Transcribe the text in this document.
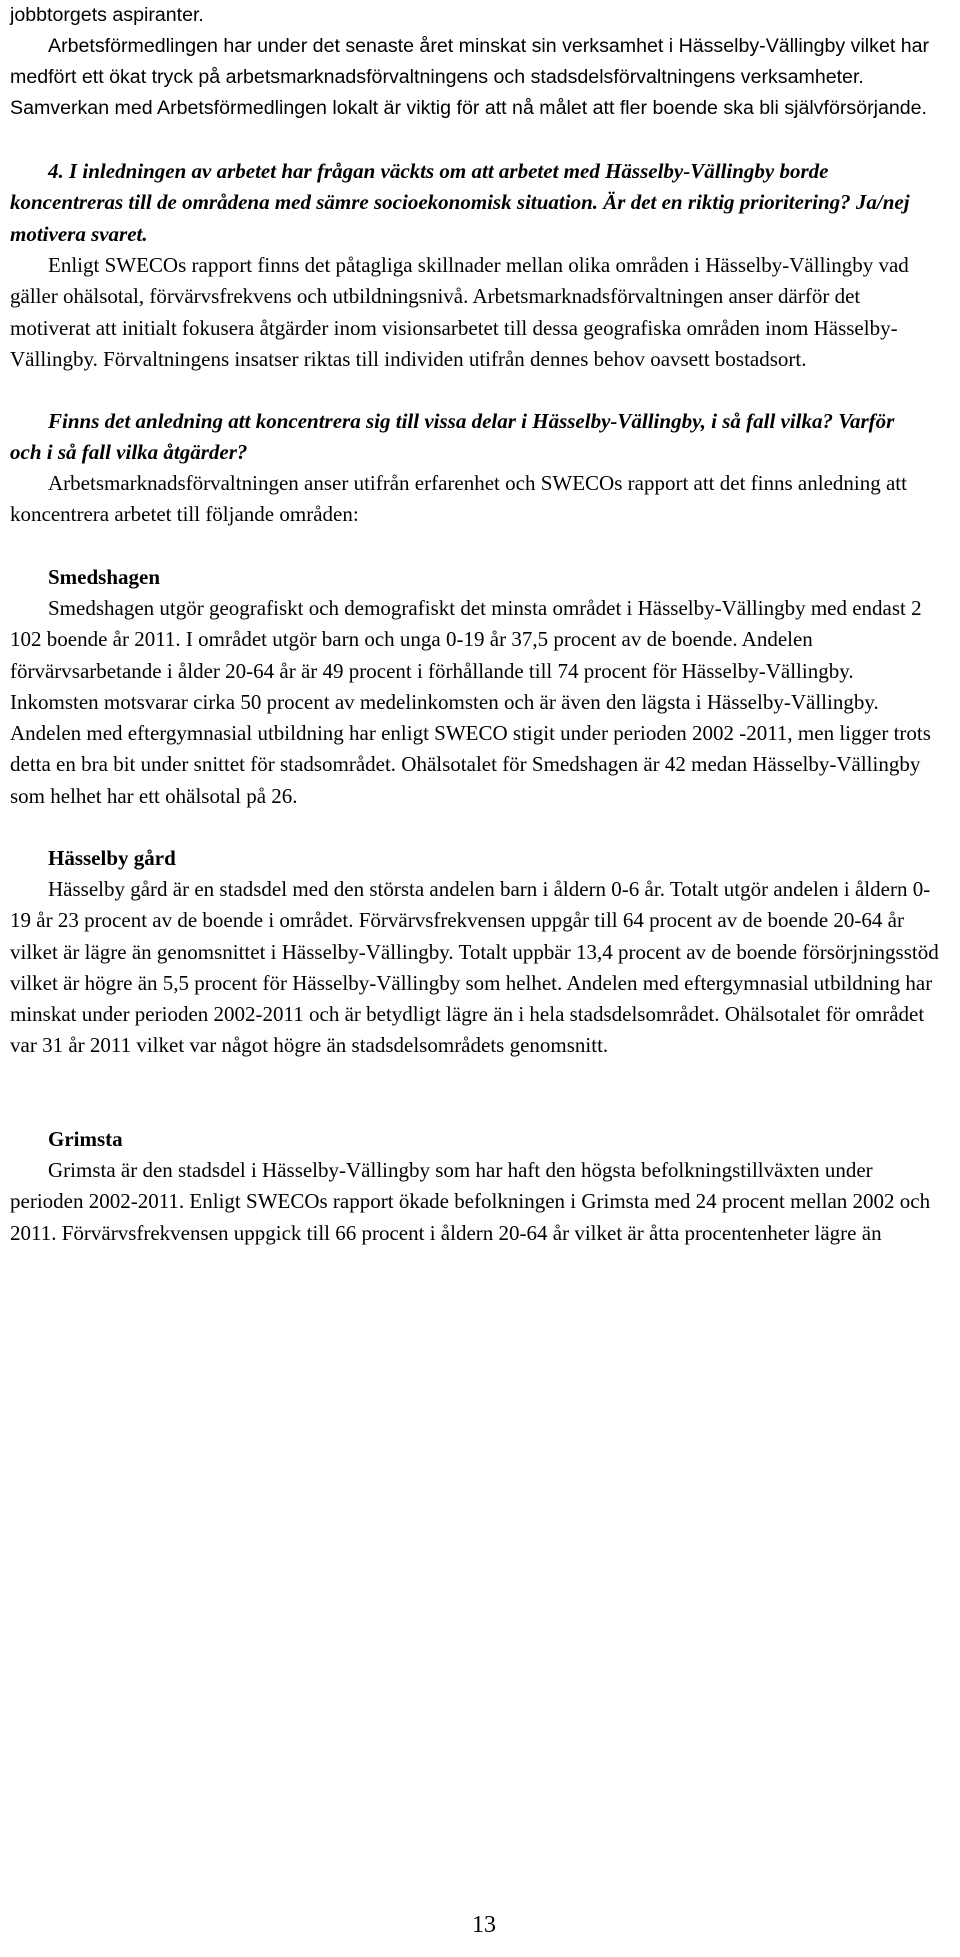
jobbtorgets aspiranter.

Arbetsförmedlingen har under det senaste året minskat sin verksamhet i Hässelby-Vällingby vilket har medfört ett ökat tryck på arbetsmarknadsförvaltningens och stadsdelsförvaltningens verksamheter. Samverkan med Arbetsförmedlingen lokalt är viktig för att nå målet att fler boende ska bli självförsörjande.

4. I inledningen av arbetet har frågan väckts om att arbetet med Hässelby-Vällingby borde koncentreras till de områdena med sämre socioekonomisk situation. Är det en riktig prioritering? Ja/nej motivera svaret.

Enligt SWECOs rapport finns det påtagliga skillnader mellan olika områden i Hässelby-Vällingby vad gäller ohälsotal, förvärvsfrekvens och utbildningsnivå. Arbetsmarknadsförvaltningen anser därför det motiverat att initialt fokusera åtgärder inom visionsarbetet till dessa geografiska områden inom Hässelby-Vällingby. Förvaltningens insatser riktas till individen utifrån dennes behov oavsett bostadsort.

Finns det anledning att koncentrera sig till vissa delar i Hässelby-Vällingby, i så fall vilka? Varför och i så fall vilka åtgärder?

Arbetsmarknadsförvaltningen anser utifrån erfarenhet och SWECOs rapport att det finns anledning att koncentrera arbetet till följande områden:

Smedshagen

Smedshagen utgör geografiskt och demografiskt det minsta området i Hässelby-Vällingby med endast 2 102 boende år 2011. I området utgör barn och unga 0-19 år 37,5 procent av de boende. Andelen förvärvsarbetande i ålder 20-64 år är 49 procent i förhållande till 74 procent för Hässelby-Vällingby. Inkomsten motsvarar cirka 50 procent av medelinkomsten och är även den lägsta i Hässelby-Vällingby. Andelen med eftergymnasial utbildning har enligt SWECO stigit under perioden 2002 -2011, men ligger trots detta en bra bit under snittet för stadsområdet. Ohälsotalet för Smedshagen är 42 medan Hässelby-Vällingby som helhet har ett ohälsotal på 26.

Hässelby gård

Hässelby gård är en stadsdel med den största andelen barn i åldern 0-6 år. Totalt utgör andelen i åldern 0-19 år 23 procent av de boende i området. Förvärvsfrekvensen uppgår till 64 procent av de boende 20-64 år vilket är lägre än genomsnittet i Hässelby-Vällingby. Totalt uppbär 13,4 procent av de boende försörjningsstöd vilket är högre än 5,5 procent för Hässelby-Vällingby som helhet. Andelen med eftergymnasial utbildning har minskat under perioden 2002-2011 och är betydligt lägre än i hela stadsdelsområdet. Ohälsotalet för området var 31 år 2011 vilket var något högre än stadsdelsområdets genomsnitt.

Grimsta

Grimsta är den stadsdel i Hässelby-Vällingby som har haft den högsta befolkningstillväxten under perioden 2002-2011. Enligt SWECOs rapport ökade befolkningen i Grimsta med 24 procent mellan 2002 och 2011. Förvärvsfrekvensen uppgick till 66 procent i åldern 20-64 år vilket är åtta procentenheter lägre än

13
